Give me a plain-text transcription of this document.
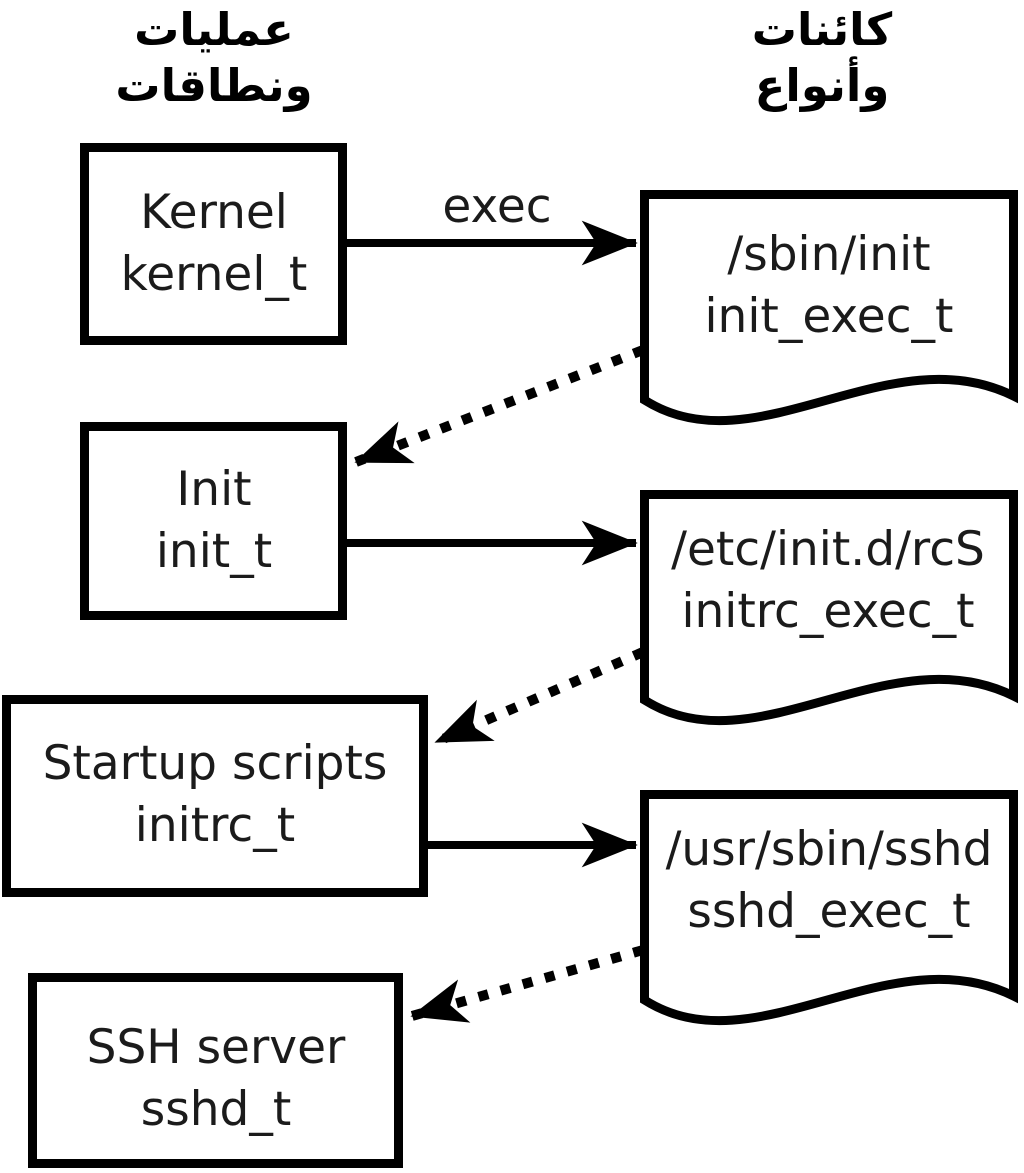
عمليات
ونطاقات
كائنات
وأنواع
exec
Kernel
kernel_t
Init
init_t
Startup scripts
initrc_t
SSH server
sshd_t
/sbin/init
init_exec_t
/etc/init.d/rcS
initrc_exec_t
/usr/sbin/sshd
sshd_exec_t
